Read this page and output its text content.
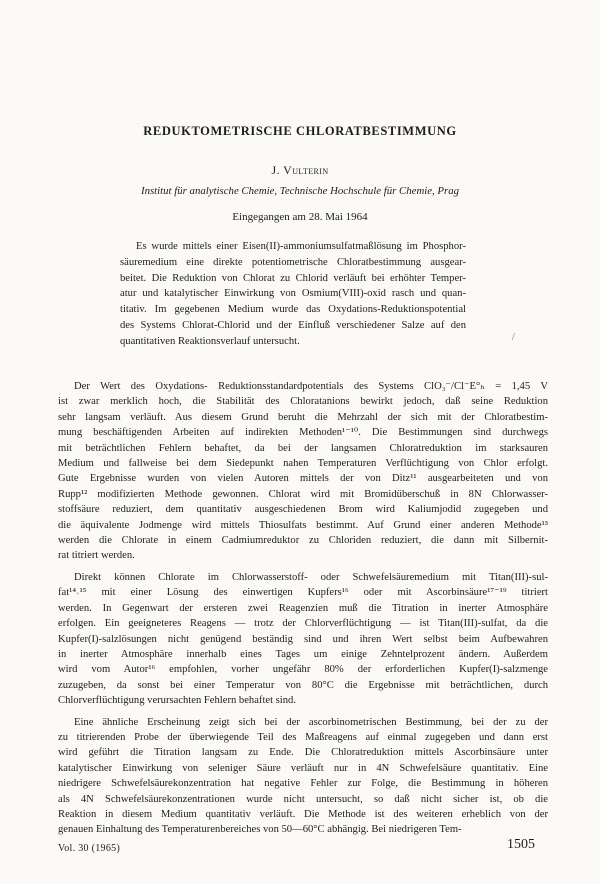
REDUKTOMETRISCHE CHLORATBESTIMMUNG
J. Vulterin
Institut für analytische Chemie, Technische Hochschule für Chemie, Prag
Eingegangen am 28. Mai 1964
Es wurde mittels einer Eisen(II)-ammoniumsulfatmaßlösung im Phosphor-
säuremedium eine direkte potentiometrische Chloratbestimmung ausgear-
beitet. Die Reduktion von Chlorat zu Chlorid verläuft bei erhöhter Temper-
atur und katalytischer Einwirkung von Osmium(VIII)-oxid rasch und quan-
titativ. Im gegebenen Medium wurde das Oxydations-Reduktionspotential
des Systems Chlorat-Chlorid und der Einfluß verschiedener Salze auf den
quantitativen Reaktionsverlauf untersucht.	/
Der Wert des Oxydations- Reduktionsstandardpotentials des Systems ClO₃⁻/Cl⁻E°ₕ = 1,45 V
ist zwar merklich hoch, die Stabilität des Chloratanions bewirkt jedoch, daß seine Reduktion
sehr langsam verläuft. Aus diesem Grund beruht die Mehrzahl der sich mit der Chloratbestim-
mung beschäftigenden Arbeiten auf indirekten Methoden¹⁻¹⁰. Die Bestimmungen sind durchwegs
mit beträchtlichen Fehlern behaftet, da bei der langsamen Chloratreduktion im starksauren
Medium und fallweise bei dem Siedepunkt nahen Temperaturen Verflüchtigung von Chlor erfolgt.
Gute Ergebnisse wurden von vielen Autoren mittels der von Ditz¹¹ ausgearbeiteten und von
Rupp¹² modifizierten Methode gewonnen. Chlorat wird mit Bromidüberschuß in 8N Chlorwasser-
stoffsäure reduziert, dem quantitativ ausgeschiedenen Brom wird Kaliumjodid zugegeben und
die äquivalente Jodmenge wird mittels Thiosulfats bestimmt. Auf Grund einer anderen Methode¹³
werden die Chlorate in einem Cadmiumreduktor zu Chloriden reduziert, die dann mit Silbernit-
rat titriert werden.
Direkt können Chlorate im Chlorwasserstoff- oder Schwefelsäuremedium mit Titan(III)-sul-
fat¹⁴˒¹⁵ mit einer Lösung des einwertigen Kupfers¹⁶ oder mit Ascorbinsäure¹⁷⁻¹⁹ titriert
werden. In Gegenwart der ersteren zwei Reagenzien muß die Titration in inerter Atmosphäre
erfolgen. Ein geeigneteres Reagens — trotz der Chlorverflüchtigung — ist Titan(III)-sulfat, da die
Kupfer(I)-salzlösungen nicht genügend beständig sind und ihren Wert selbst beim Aufbewahren
in inerter Atmosphäre innerhalb eines Tages um einige Zehntelprozent ändern. Außerdem
wird vom Autor¹⁶ empfohlen, vorher ungefähr 80% der erforderlichen Kupfer(I)-salzmenge
zuzugeben, da sonst bei einer Temperatur von 80°C die Ergebnisse mit beträchtlichen, durch
Chlorverflüchtigung verursachten Fehlern behaftet sind.
Eine ähnliche Erscheinung zeigt sich bei der ascorbinometrischen Bestimmung, bei der zu der
zu titrierenden Probe der überwiegende Teil des Maßreagens auf einmal zugegeben und dann erst
wird geführt die Titration langsam zu Ende. Die Chloratreduktion mittels Ascorbinsäure unter
katalytischer Einwirkung von seleniger Säure verläuft nur in 4N Schwefelsäure quantitativ. Eine
niedrigere Schwefelsäurekonzentration hat negative Fehler zur Folge, die Bestimmung in höheren
als 4N Schwefelsäurekonzentrationen wurde nicht untersucht, so daß nicht sicher ist, ob die
Reaktion in diesem Medium quantitativ verläuft. Die Methode ist des weiteren erheblich von der
genauen Einhaltung des Temperaturenbereiches von 50—60°C abhängig. Bei niedrigeren Tem-
Vol. 30 (1965)	1505
